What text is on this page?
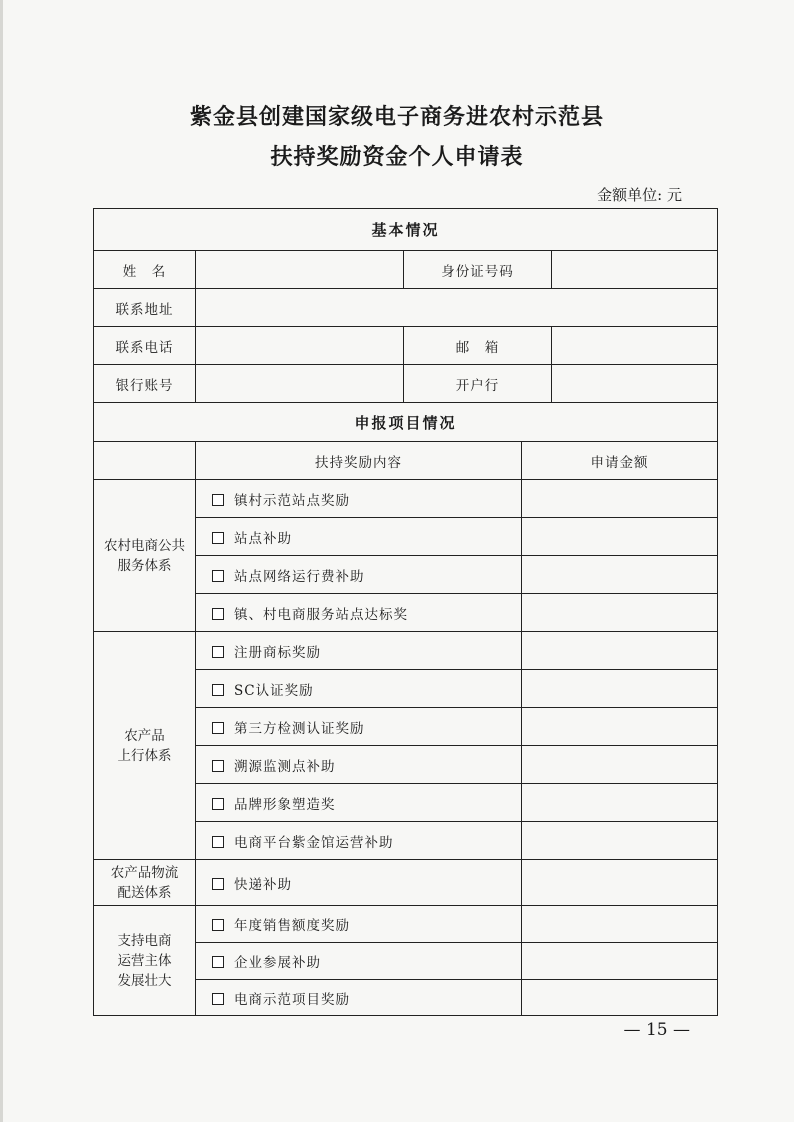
紫金县创建国家级电子商务进农村示范县
扶持奖励资金个人申请表
金额单位: 元
基本情况				
姓　名		身份证号码		
联系地址				
联系电话		邮　箱		
银行账号		开户行		
申报项目情况				
	扶持奖励内容		申请金额	
农村电商公共
服务体系	镇村示范站点奖励			
	站点补助			
	站点网络运行费补助			
	镇、村电商服务站点达标奖			
农产品
上行体系	注册商标奖励			
	SC认证奖励			
	第三方检测认证奖励			
	溯源监测点补助			
	品牌形象塑造奖			
	电商平台紫金馆运营补助			
农产品物流
配送体系	快递补助			
支持电商
运营主体
发展壮大	年度销售额度奖励			
	企业参展补助			
	电商示范项目奖励			
— 15 —
